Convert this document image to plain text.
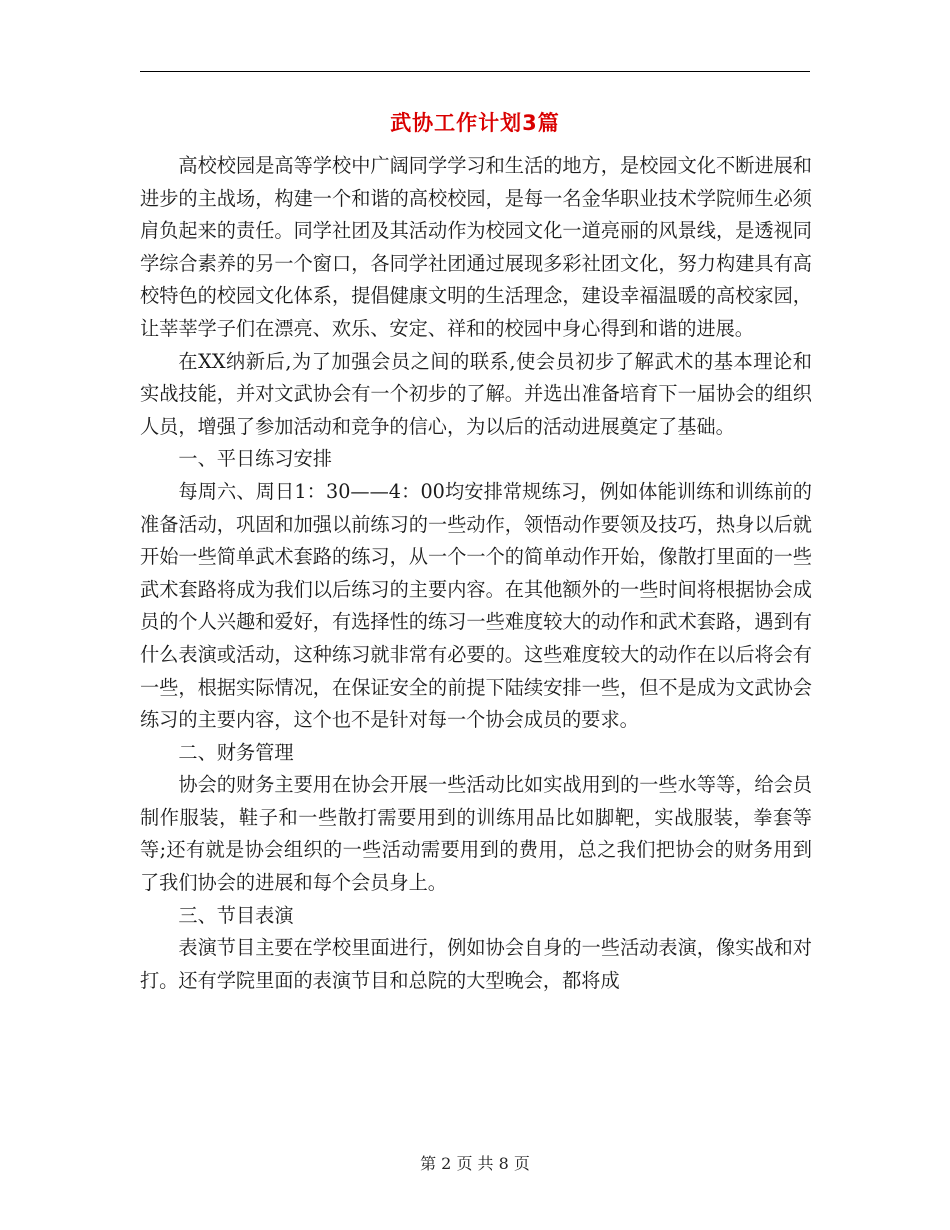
武协工作计划3篇

高校校园是高等学校中广阔同学学习和生活的地方，是校园文化不断进展和进步的主战场，构建一个和谐的高校校园，是每一名金华职业技术学院师生必须肩负起来的责任。同学社团及其活动作为校园文化一道亮丽的风景线，是透视同学综合素养的另一个窗口，各同学社团通过展现多彩社团文化，努力构建具有高校特色的校园文化体系，提倡健康文明的生活理念，建设幸福温暖的高校家园，让莘莘学子们在漂亮、欢乐、安定、祥和的校园中身心得到和谐的进展。

在XX纳新后,为了加强会员之间的联系,使会员初步了解武术的基本理论和实战技能，并对文武协会有一个初步的了解。并选出准备培育下一届协会的组织人员，增强了参加活动和竞争的信心，为以后的活动进展奠定了基础。

一、平日练习安排

每周六、周日1：30——4：00均安排常规练习，例如体能训练和训练前的准备活动，巩固和加强以前练习的一些动作，领悟动作要领及技巧，热身以后就开始一些简单武术套路的练习，从一个一个的简单动作开始，像散打里面的一些武术套路将成为我们以后练习的主要内容。在其他额外的一些时间将根据协会成员的个人兴趣和爱好，有选择性的练习一些难度较大的动作和武术套路，遇到有什么表演或活动，这种练习就非常有必要的。这些难度较大的动作在以后将会有一些，根据实际情况，在保证安全的前提下陆续安排一些，但不是成为文武协会练习的主要内容，这个也不是针对每一个协会成员的要求。

二、财务管理

协会的财务主要用在协会开展一些活动比如实战用到的一些水等等，给会员制作服装，鞋子和一些散打需要用到的训练用品比如脚靶，实战服装，拳套等等;还有就是协会组织的一些活动需要用到的费用，总之我们把协会的财务用到了我们协会的进展和每个会员身上。

三、节目表演

表演节目主要在学校里面进行，例如协会自身的一些活动表演，像实战和对打。还有学院里面的表演节目和总院的大型晚会，都将成

第 2 页 共 8 页
